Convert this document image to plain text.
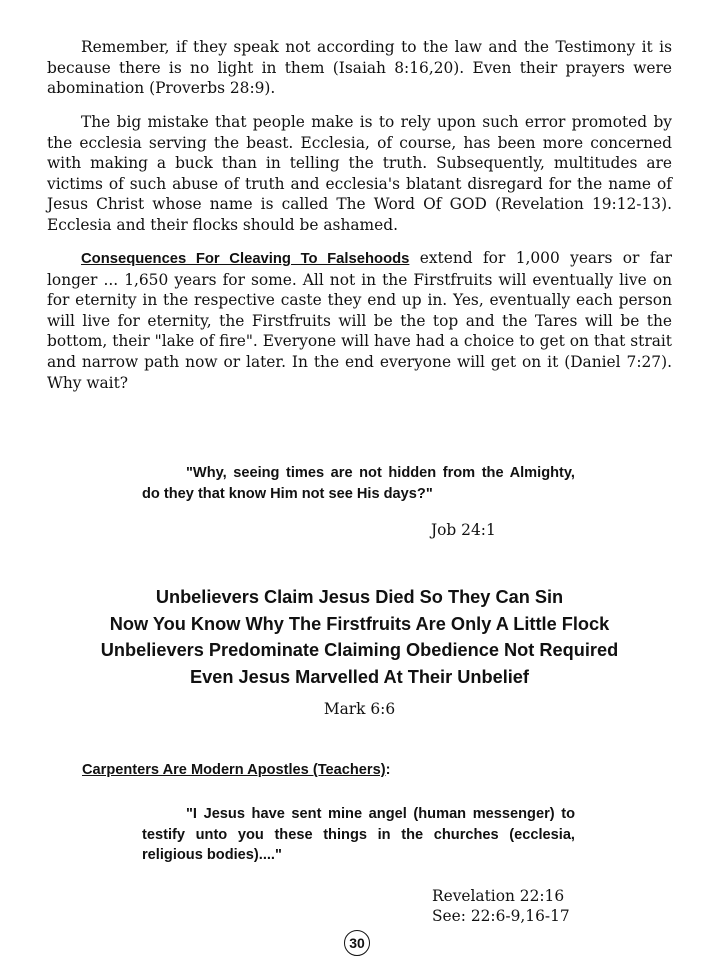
Remember, if they speak not according to the law and the Testimony it is because there is no light in them (Isaiah 8:16,20). Even their prayers were abomination (Proverbs 28:9).

The big mistake that people make is to rely upon such error promoted by the ecclesia serving the beast. Ecclesia, of course, has been more concerned with making a buck than in telling the truth. Subsequently, multitudes are victims of such abuse of truth and ecclesia's blatant disregard for the name of Jesus Christ whose name is called The Word Of GOD (Revelation 19:12-13). Ecclesia and their flocks should be ashamed.

Consequences For Cleaving To Falsehoods extend for 1,000 years or far longer ... 1,650 years for some. All not in the Firstfruits will eventually live on for eternity in the respective caste they end up in. Yes, eventually each person will live for eternity, the Firstfruits will be the top and the Tares will be the bottom, their "lake of fire". Everyone will have had a choice to get on that strait and narrow path now or later. In the end everyone will get on it (Daniel 7:27). Why wait?

"Why, seeing times are not hidden from the Almighty, do they that know Him not see His days?"

Job 24:1
Unbelievers Claim Jesus Died So They Can Sin
Now You Know Why The Firstfruits Are Only A Little Flock
Unbelievers Predominate Claiming Obedience Not Required
Even Jesus Marvelled At Their Unbelief
Mark 6:6
Carpenters Are Modern Apostles (Teachers):

"I Jesus have sent mine angel (human messenger) to testify unto you these things in the churches (ecclesia, religious bodies)...."

Revelation 22:16
See: 22:6-9,16-17
30
